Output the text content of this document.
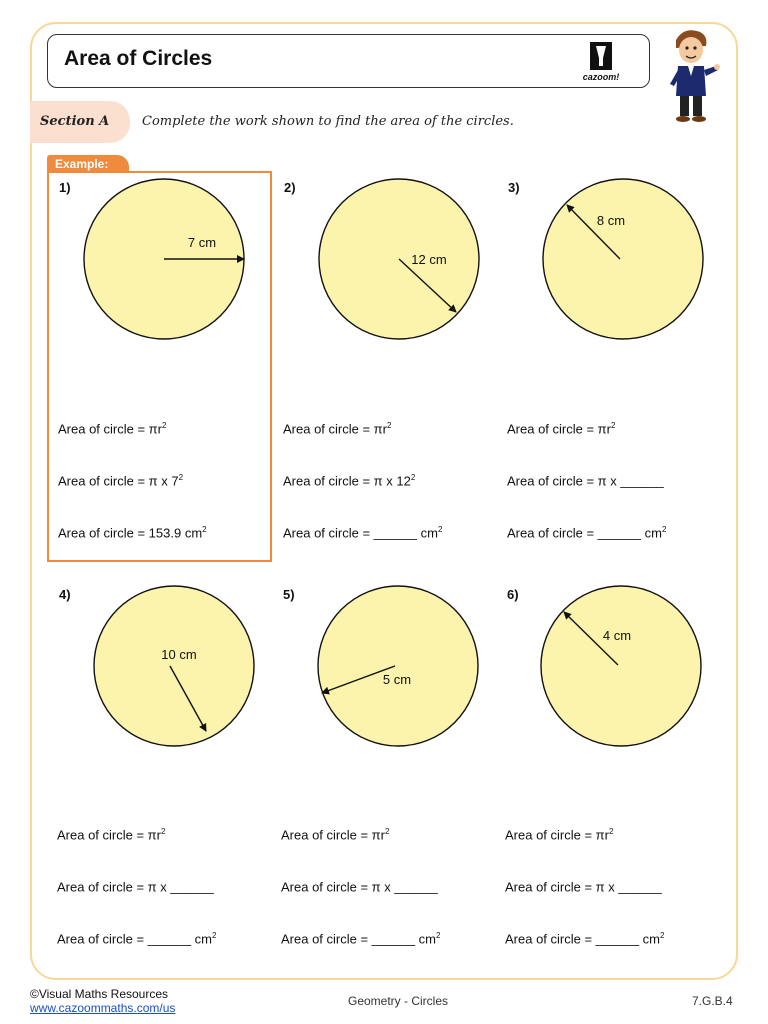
Area of Circles
cazoom!
Section A	Complete the work shown to find the area of the circles.
Example:
7 cm
12 cm
8 cm
10 cm
5 cm
4 cm
1)	2)	3)
4)	5)	6)
Area of circle = $\pi r^2$
Area of circle = π x $7^2$
Area of circle = 153.9 $cm^2$
Area of circle = $\pi r^2$
Area of circle = π x $12^2$
Area of circle = ______ $cm^2$
Area of circle = $\pi r^2$
Area of circle = π x ______
Area of circle = ______ $cm^2$
Area of circle = $\pi r^2$
Area of circle = π x ______
Area of circle = ______ $cm^2$
Area of circle = $\pi r^2$
Area of circle = π x ______
Area of circle = ______ $cm^2$
Area of circle = $\pi r^2$
Area of circle = π x ______
Area of circle = ______ $cm^2$
©Visual Maths Resources
www.cazoommaths.com/us	Geometry - Circles	7.G.B.4
